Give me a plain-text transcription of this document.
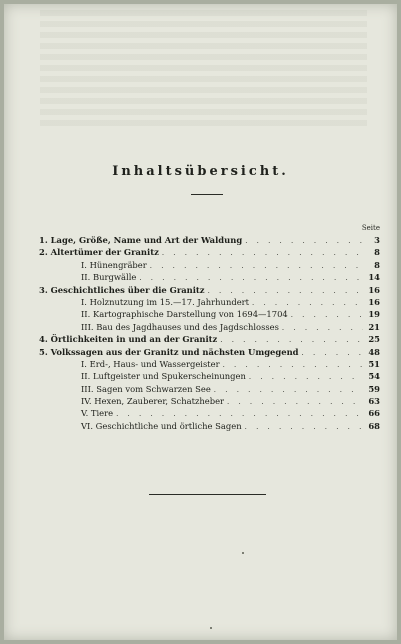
Inhaltsübersicht.
Seite
1. Lage, Größe, Name und Art der Waldung . . .	3
2. Altertümer der Granitz . . .	8
I. Hünengräber . . .	8
II. Burgwälle . . .	14
3. Geschichtliches über die Granitz . . .	16
I. Holznutzung im 15.—17. Jahrhundert . . .	16
II. Kartographische Darstellung von 1694—1704 . . .	19
III. Bau des Jagdhauses und des Jagdschlosses . . .	21
4. Örtlichkeiten in und an der Granitz . . .	25
5. Volkssagen aus der Granitz und nächsten Umgegend . . .	48
I. Erd-, Haus- und Wassergeister . . .	51
II. Luftgeister und Spukerscheinungen . . .	54
III. Sagen vom Schwarzen See . . .	59
IV. Hexen, Zauberer, Schatzheber . . .	63
V. Tiere . . .	66
VI. Geschichtliche und örtliche Sagen . . .	68
